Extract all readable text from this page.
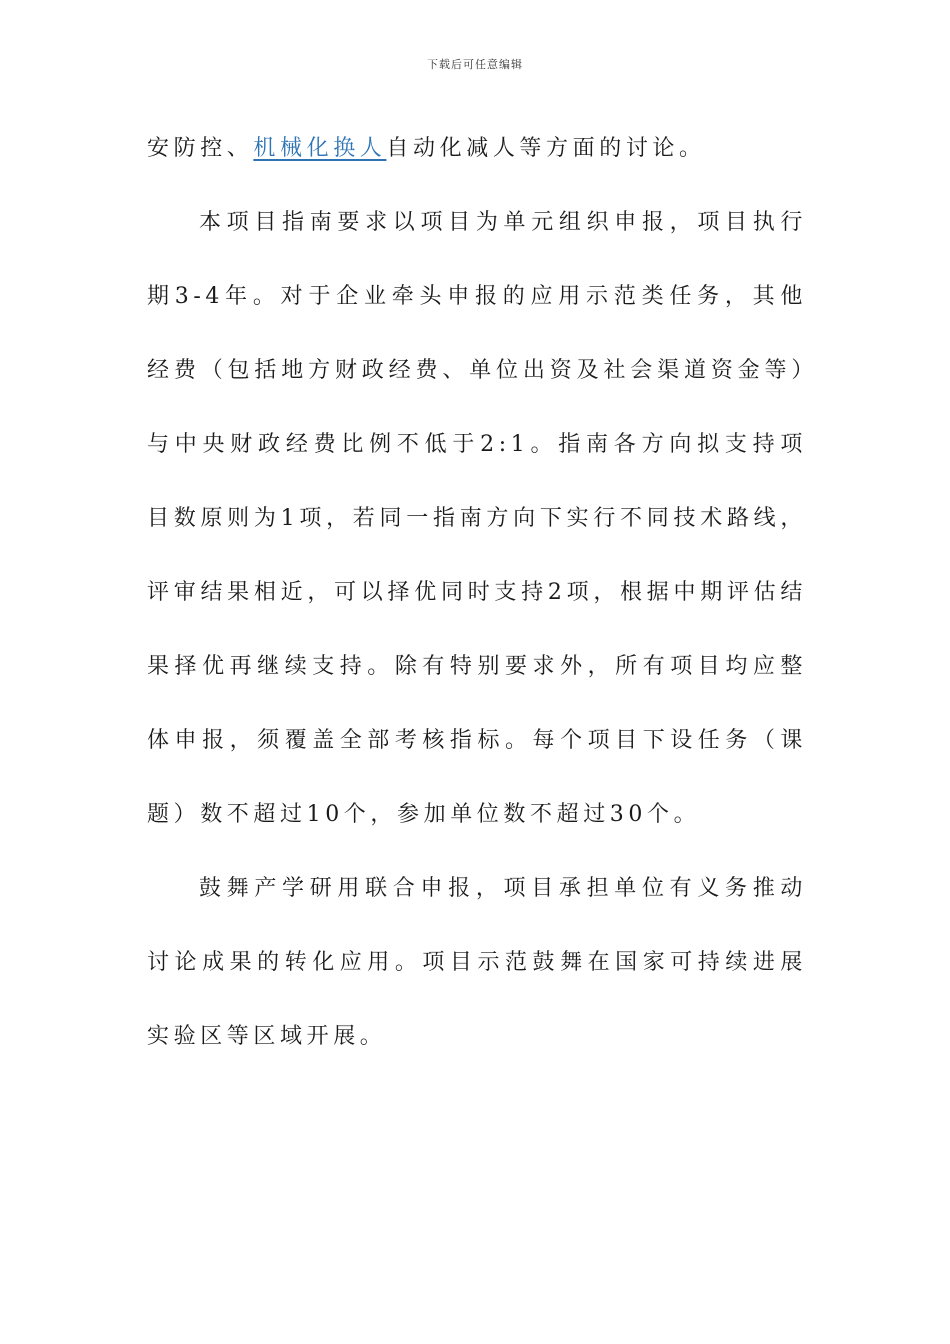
下载后可任意编辑

安防控、机械化换人自动化减人等方面的讨论。

本项目指南要求以项目为单元组织申报，项目执行期3-4年。对于企业牵头申报的应用示范类任务，其他经费（包括地方财政经费、单位出资及社会渠道资金等）与中央财政经费比例不低于2:1。指南各方向拟支持项目数原则为1项，若同一指南方向下实行不同技术路线，评审结果相近，可以择优同时支持2项，根据中期评估结果择优再继续支持。除有特别要求外，所有项目均应整体申报，须覆盖全部考核指标。每个项目下设任务（课题）数不超过10个，参加单位数不超过30个。

鼓舞产学研用联合申报，项目承担单位有义务推动讨论成果的转化应用。项目示范鼓舞在国家可持续进展实验区等区域开展。
